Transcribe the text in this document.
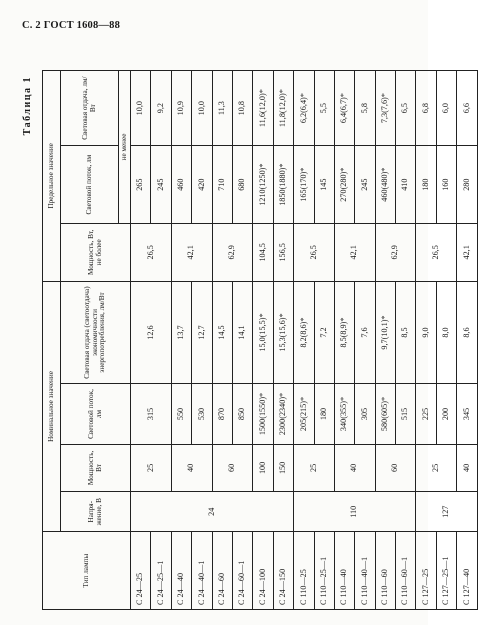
С. 2 ГОСТ 1608—88
Таблица 1
Тип лампы	Номинальное значение				Предельное значение		
	Напря-жение, В	Мощность, Вт	Световой поток, лм	Световая отдача (светоотдача) экономичности энергопотребления, лм/Вт	Мощность, Вт, не более	Световой поток, лм	Световая отдача, лм/Вт
						не менее	
С 24—25	24	25	315	12,6	26,5	265	10,0
С 24—25—1						245	9,2
С 24—40		40	550	13,7	42,1	460	10,9
С 24—40—1			530	12,7		420	10,0
С 24—60		60	870	14,5	62,9	710	11,3
С 24—60—1			850	14,1		680	10,8
С 24—100		100	1500(1550)*	15,0(15,5)*	104,5	1210(1250)*	11,6(12,0)*
С 24—150		150	2300(2340)*	15,3(15,6)*	156,5	1850(1880)*	11,8(12,0)*
С 110—25	110	25	205(215)*	8,2(8,6)*	26,5	165(170)*	6,2(6,4)*
С 110—25—1			180	7,2		145	5,5
С 110—40		40	340(355)*	8,5(8,9)*	42,1	270(280)*	6,4(6,7)*
С 110—40—1			305	7,6		245	5,8
С 110—60		60	580(605)*	9,7(10,1)*	62,9	460(480)*	7,3(7,6)*
С 110—60—1			515	8,5		410	6,5
С 127—25	127	25	225	9,0	26,5	180	6,8
С 127—25—1			200	8,0		160	6,0
С 127—40		40	345	8,6	42,1	280	6,6
